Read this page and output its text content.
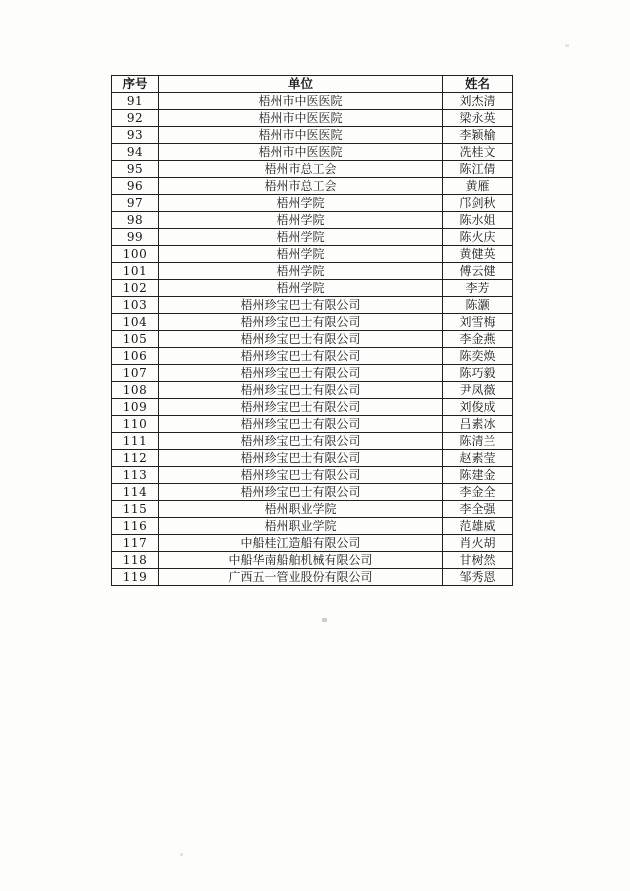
序号	单位	姓名
91	梧州市中医医院	刘杰清
92	梧州市中医医院	梁永英
93	梧州市中医医院	李颖榆
94	梧州市中医医院	冼桂文
95	梧州市总工会	陈江倩
96	梧州市总工会	黄雁
97	梧州学院	邝剑秋
98	梧州学院	陈水姐
99	梧州学院	陈火庆
100	梧州学院	黄健英
101	梧州学院	傅云健
102	梧州学院	李芳
103	梧州珍宝巴士有限公司	陈灏
104	梧州珍宝巴士有限公司	刘雪梅
105	梧州珍宝巴士有限公司	李金燕
106	梧州珍宝巴士有限公司	陈奕焕
107	梧州珍宝巴士有限公司	陈巧毅
108	梧州珍宝巴士有限公司	尹凤薇
109	梧州珍宝巴士有限公司	刘俊成
110	梧州珍宝巴士有限公司	吕素冰
111	梧州珍宝巴士有限公司	陈清兰
112	梧州珍宝巴士有限公司	赵素莹
113	梧州珍宝巴士有限公司	陈建金
114	梧州珍宝巴士有限公司	李金全
115	梧州职业学院	李全强
116	梧州职业学院	范雄威
117	中船桂江造船有限公司	肖火胡
118	中船华南船舶机械有限公司	甘树然
119	广西五一管业股份有限公司	邹秀恩
